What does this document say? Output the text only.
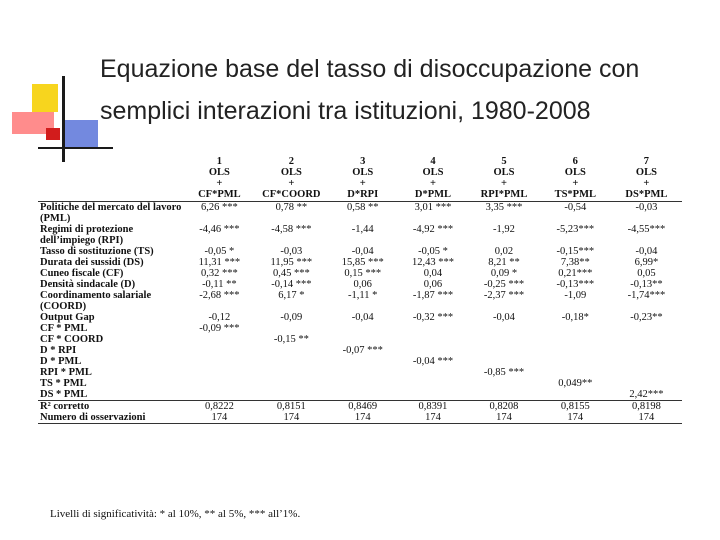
Equazione base del tasso di disoccupazione con
semplici interazioni tra istituzioni, 1980-2008
	1	2	3	4	5	6	7
	OLS	OLS	OLS	OLS	OLS	OLS	OLS
	+	+	+	+	+	+	+
	CF*PML	CF*COORD	D*RPI	D*PML	RPI*PML	TS*PML	DS*PML
Politiche del mercato del lavoro (PML)	6,26 ***	0,78 **	0,58 **	3,01 ***	3,35 ***	-0,54	-0,03
Regimi di protezione dell’impiego (RPI)	-4,46 ***	-4,58 ***	-1,44	-4,92 ***	-1,92	-5,23***	-4,55***
Tasso di sostituzione (TS)	-0,05 *	-0,03	-0,04	-0,05 *	0,02	-0,15***	-0,04
Durata dei sussidi (DS)	11,31 ***	11,95 ***	15,85 ***	12,43 ***	8,21 **	7,38**	6,99*
Cuneo fiscale (CF)	0,32 ***	0,45 ***	0,15 ***	0,04	0,09 *	0,21***	0,05
Densità sindacale (D)	-0,11 **	-0,14 ***	0,06	0,06	-0,25 ***	-0,13***	-0,13**
Coordinamento salariale (COORD)	-2,68 ***	6,17 *	-1,11 *	-1,87 ***	-2,37 ***	-1,09	-1,74***
Output Gap	-0,12	-0,09	-0,04	-0,32 ***	-0,04	-0,18*	-0,23**
CF * PML	-0,09 ***						
CF * COORD		-0,15 **					
D * RPI			-0,07 ***				
D * PML				-0,04 ***			
RPI * PML					-0,85 ***		
TS * PML						0,049**	
DS * PML							2,42***
R² corretto	0,8222	0,8151	0,8469	0,8391	0,8208	0,8155	0,8198
Numero di osservazioni	174	174	174	174	174	174	174
Livelli di significatività: * al 10%, ** al 5%, *** all’1%.
